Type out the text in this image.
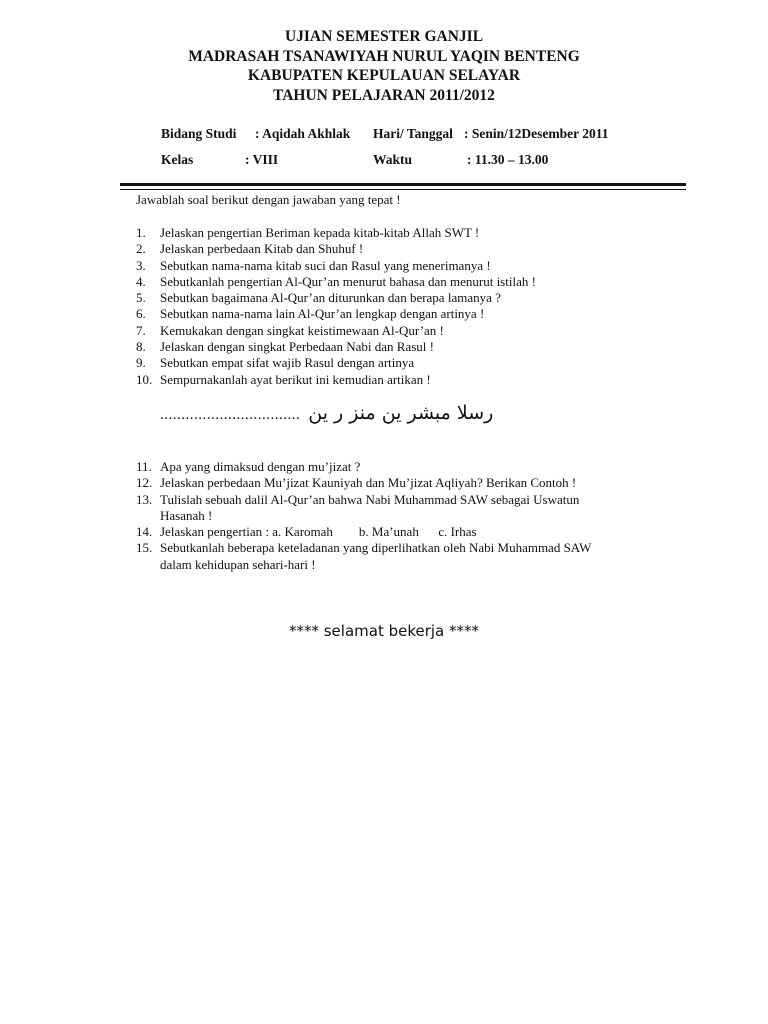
UJIAN SEMESTER GANJIL
MADRASAH TSANAWIYAH NURUL YAQIN BENTENG
KABUPATEN KEPULAUAN SELAYAR
TAHUN PELAJARAN 2011/2012
Bidang Studi : Aqidah Akhlak Hari/ Tanggal : Senin/12Desember 2011
Kelas	: VIII	Waktu	: 11.30 – 13.00
Jawablah soal berikut dengan jawaban yang tepat !
1.	Jelaskan pengertian Beriman kepada kitab-kitab Allah SWT !
2.	Jelaskan perbedaan Kitab dan Shuhuf !
3.	Sebutkan nama-nama kitab suci dan Rasul yang menerimanya !
4.	Sebutkanlah pengertian Al-Qur’an menurut bahasa dan menurut istilah !
5.	Sebutkan bagaimana Al-Qur’an diturunkan dan berapa lamanya ?
6.	Sebutkan nama-nama lain Al-Qur’an lengkap dengan artinya !
7.	Kemukakan dengan singkat keistimewaan Al-Qur’an !
8.	Jelaskan dengan singkat Perbedaan Nabi dan Rasul !
9.	Sebutkan empat sifat wajib Rasul dengan artinya
10. Sempurnakanlah ayat berikut ini kemudian artikan !
................................. رسلا مبشر ين منز ر ين
11. Apa yang dimaksud dengan mu’jizat ?
12. Jelaskan perbedaan Mu’jizat Kauniyah dan Mu’jizat Aqliyah? Berikan Contoh !
13. Tulislah sebuah dalil Al-Qur’an bahwa Nabi Muhammad SAW sebagai Uswatun
Hasanah !
14. Jelaskan pengertian : a. Karomah        b. Ma’unah      c. Irhas
15. Sebutkanlah beberapa keteladanan yang diperlihatkan oleh Nabi Muhammad SAW
dalam kehidupan sehari-hari !
**** selamat bekerja ****
